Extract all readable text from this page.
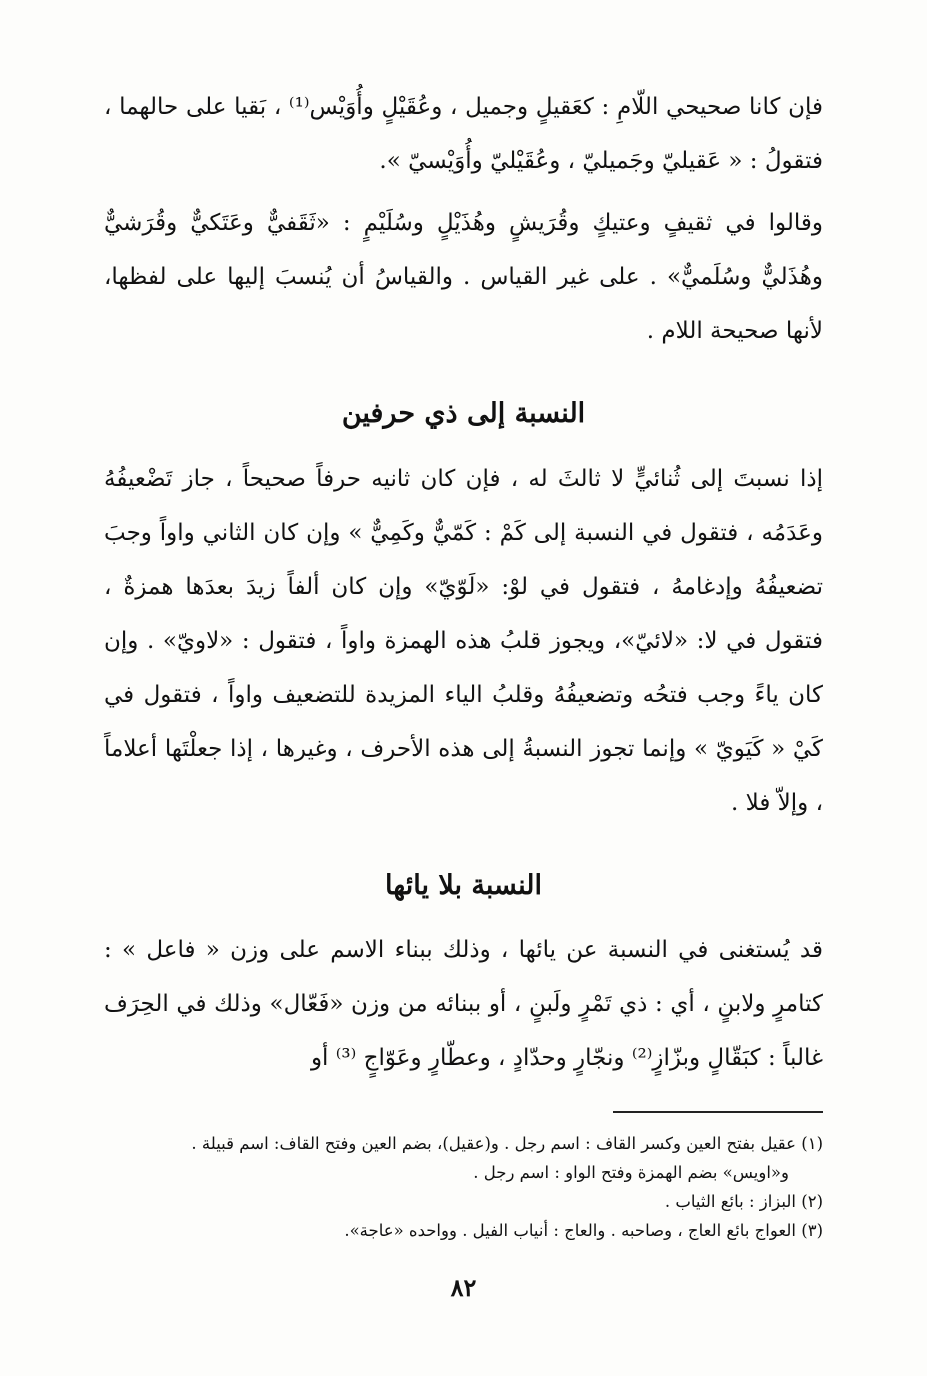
فإن كانا صحيحي اللّامِ : كعَقيلٍ وجميل ، وعُقَيْلٍ وأُوَيْس⁽¹⁾ ، بَقيا على حالهما ، فتقولُ : « عَقيليّ وجَميليّ ، وعُقَيْليّ وأُوَيْسيّ ».

وقالوا في ثقيفٍ وعتيكٍ وقُرَيشٍ وهُذَيْلٍ وسُلَيْمٍ : «ثَقَفيٌّ وعَتَكيٌّ وقُرَشيٌّ وهُذَليٌّ وسُلَميٌّ» . على غير القياس . والقياسُ أن يُنسبَ إليها على لفظها، لأنها صحيحة اللام .

النسبة إلى ذي حرفين

إذا نسبتَ إلى ثُنائيٍّ لا ثالثَ له ، فإن كان ثانيه حرفاً صحيحاً ، جاز تَضْعيفُهُ وعَدَمُه ، فتقول في النسبة إلى كَمْ : كَمّيٌّ وكَمِيٌّ » وإن كان الثاني واواً وجبَ تضعيفُهُ وإدغامهُ ، فتقول في لوْ: «لَوّيّ» وإن كان ألفاً زيدَ بعدَها همزةٌ ، فتقول في لا: «لائيّ»، ويجوز قلبُ هذه الهمزة واواً ، فتقول : «لاويّ» . وإن كان ياءً وجب فتحُه وتضعيفُهُ وقلبُ الياء المزيدة للتضعيف واواً ، فتقول في كَيْ « كَيَويّ » وإنما تجوز النسبةُ إلى هذه الأحرف ، وغيرها ، إذا جعلْتَها أعلاماً ، وإلاّ فلا .

النسبة بلا يائها

قد يُستغنى في النسبة عن يائها ، وذلك ببناء الاسم على وزن « فاعل » : كتامرٍ ولابنٍ ، أي : ذي تَمْرٍ ولَبنٍ ، أو ببنائه من وزن «فَعّال» وذلك في الحِرَف غالباً : كبَقّالٍ وبزّازٍ⁽²⁾ ونجّارٍ وحدّادٍ ، وعطّارٍ وعَوّاجٍ ⁽³⁾ أو

(١) عقيل بفتح العين وكسر القاف : اسم رجل . و(عقيل)، بضم العين وفتح القاف: اسم قبيلة .

و«اويس» بضم الهمزة وفتح الواو : اسم رجل .

(٢) البزاز : بائع الثياب .

(٣) العواج بائع العاج ، وصاحبه . والعاج : أنياب الفيل . وواحده «عاجة».

٨٢
